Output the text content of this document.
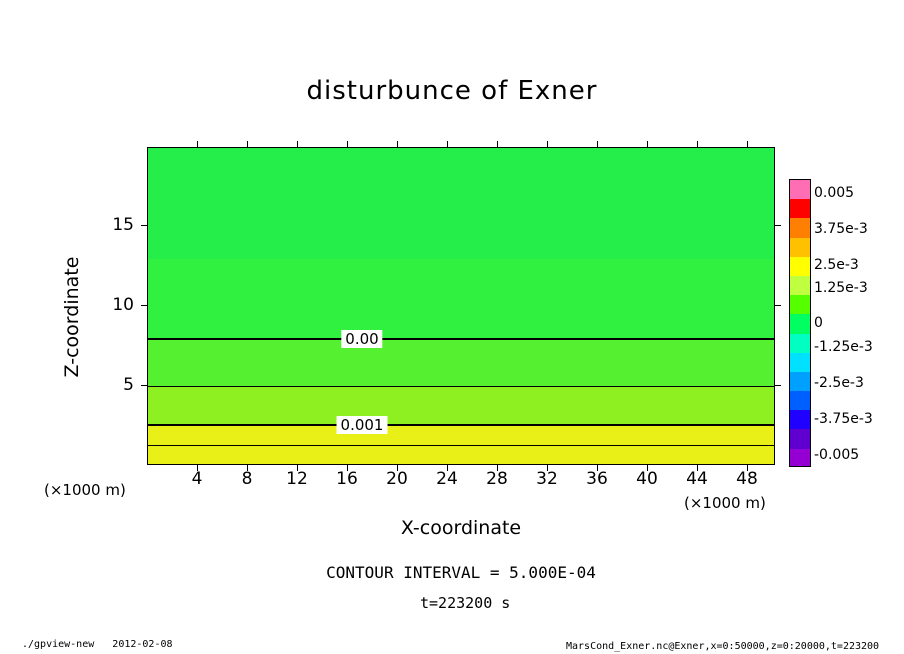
disturbunce of Exner
0.00
0.001
4 8 12 16 20 24 28 32 36 40 44 48
5
10
15
Z-coordinate
X-coordinate
(×1000 m)
(×1000 m)
CONTOUR INTERVAL = 5.000E-04
t=223200 s
./gpview-new   2012-02-08	MarsCond_Exner.nc@Exner,x=0:50000,z=0:20000,t=223200
0.005
3.75e-3
2.5e-3
1.25e-3
0
-1.25e-3
-2.5e-3
-3.75e-3
-0.005
